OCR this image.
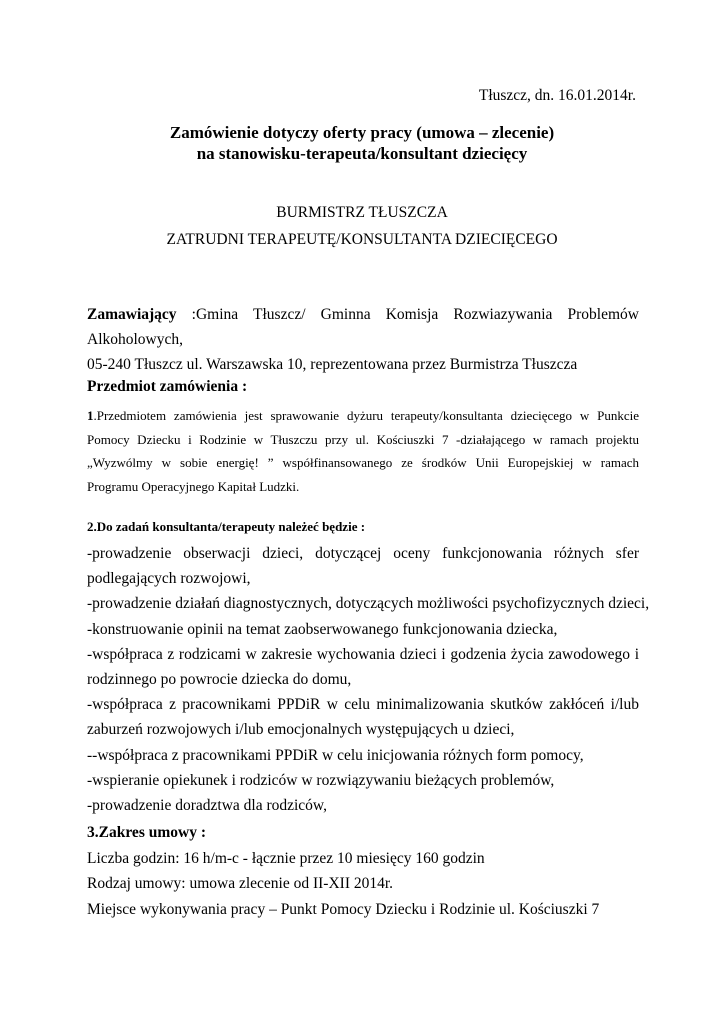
Tłuszcz, dn. 16.01.2014r.
Zamówienie dotyczy oferty pracy (umowa – zlecenie)
na stanowisku-terapeuta/konsultant dziecięcy
BURMISTRZ TŁUSZCZA
ZATRUDNI TERAPEUTĘ/KONSULTANTA DZIECIĘCEGO
Zamawiający :Gmina Tłuszcz/ Gminna Komisja Rozwiazywania Problemów Alkoholowych,
05-240 Tłuszcz ul. Warszawska 10, reprezentowana przez Burmistrza Tłuszcza
Przedmiot zamówienia :
1.Przedmiotem zamówienia jest sprawowanie dyżuru terapeuty/konsultanta dziecięcego w Punkcie
Pomocy Dziecku i Rodzinie w Tłuszczu przy ul. Kościuszki 7 -działającego w ramach projektu
„Wyzwólmy w sobie energię! ” współfinansowanego ze środków Unii Europejskiej w ramach
Programu Operacyjnego Kapitał Ludzki.
2.Do zadań konsultanta/terapeuty należeć będzie :
-prowadzenie obserwacji dzieci, dotyczącej oceny funkcjonowania różnych sfer
podlegających rozwojowi,
-prowadzenie działań diagnostycznych, dotyczących możliwości psychofizycznych dzieci,
-konstruowanie opinii na temat zaobserwowanego funkcjonowania dziecka,
-współpraca z rodzicami w zakresie wychowania dzieci i godzenia życia zawodowego i
rodzinnego po powrocie dziecka do domu,
-współpraca z pracownikami PPDiR w celu minimalizowania skutków zakłóceń i/lub
zaburzeń rozwojowych i/lub emocjonalnych występujących u dzieci,
--współpraca z pracownikami PPDiR w celu inicjowania różnych form pomocy,
-wspieranie opiekunek i rodziców w rozwiązywaniu bieżących problemów,
-prowadzenie doradztwa dla rodziców,
3.Zakres umowy :
Liczba godzin: 16 h/m-c - łącznie przez 10 miesięcy 160 godzin
Rodzaj umowy: umowa zlecenie od II-XII 2014r.
Miejsce wykonywania pracy – Punkt Pomocy Dziecku i Rodzinie ul. Kościuszki 7
